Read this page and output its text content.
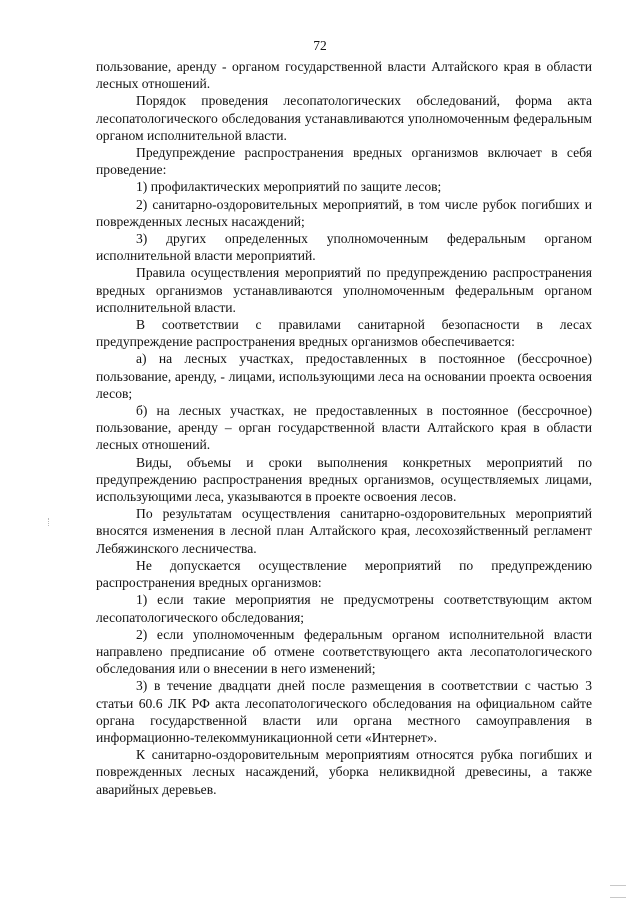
72

пользование, аренду - органом государственной власти Алтайского края в области лесных отношений.

Порядок проведения лесопатологических обследований, форма акта лесопатологического обследования устанавливаются уполномоченным федеральным органом исполнительной власти.

Предупреждение распространения вредных организмов включает в себя проведение:

1) профилактических мероприятий по защите лесов;

2) санитарно-оздоровительных мероприятий, в том числе рубок погибших и поврежденных лесных насаждений;

3) других определенных уполномоченным федеральным органом исполнительной власти мероприятий.

Правила осуществления мероприятий по предупреждению распространения вредных организмов устанавливаются уполномоченным федеральным органом исполнительной власти.

В соответствии с правилами санитарной безопасности в лесах предупреждение распространения вредных организмов обеспечивается:

а) на лесных участках, предоставленных в постоянное (бессрочное) пользование, аренду, - лицами, использующими леса на основании проекта освоения лесов;

б) на лесных участках, не предоставленных в постоянное (бессрочное) пользование, аренду – орган государственной власти Алтайского края в области лесных отношений.

Виды, объемы и сроки выполнения конкретных мероприятий по предупреждению распространения вредных организмов, осуществляемых лицами, использующими леса, указываются в проекте освоения лесов.

По результатам осуществления санитарно-оздоровительных мероприятий вносятся изменения в лесной план Алтайского края, лесохозяйственный регламент Лебяжинского лесничества.

Не допускается осуществление мероприятий по предупреждению распространения вредных организмов:

1) если такие мероприятия не предусмотрены соответствующим актом лесопатологического обследования;

2) если уполномоченным федеральным органом исполнительной власти направлено предписание об отмене соответствующего акта лесопатологического обследования или о внесении в него изменений;

3) в течение двадцати дней после размещения в соответствии с частью 3 статьи 60.6 ЛК РФ акта лесопатологического обследования на официальном сайте органа государственной власти или органа местного самоуправления в информационно-телекоммуникационной сети «Интернет».

К санитарно-оздоровительным мероприятиям относятся рубка погибших и поврежденных лесных насаждений, уборка неликвидной древесины, а также аварийных деревьев.
